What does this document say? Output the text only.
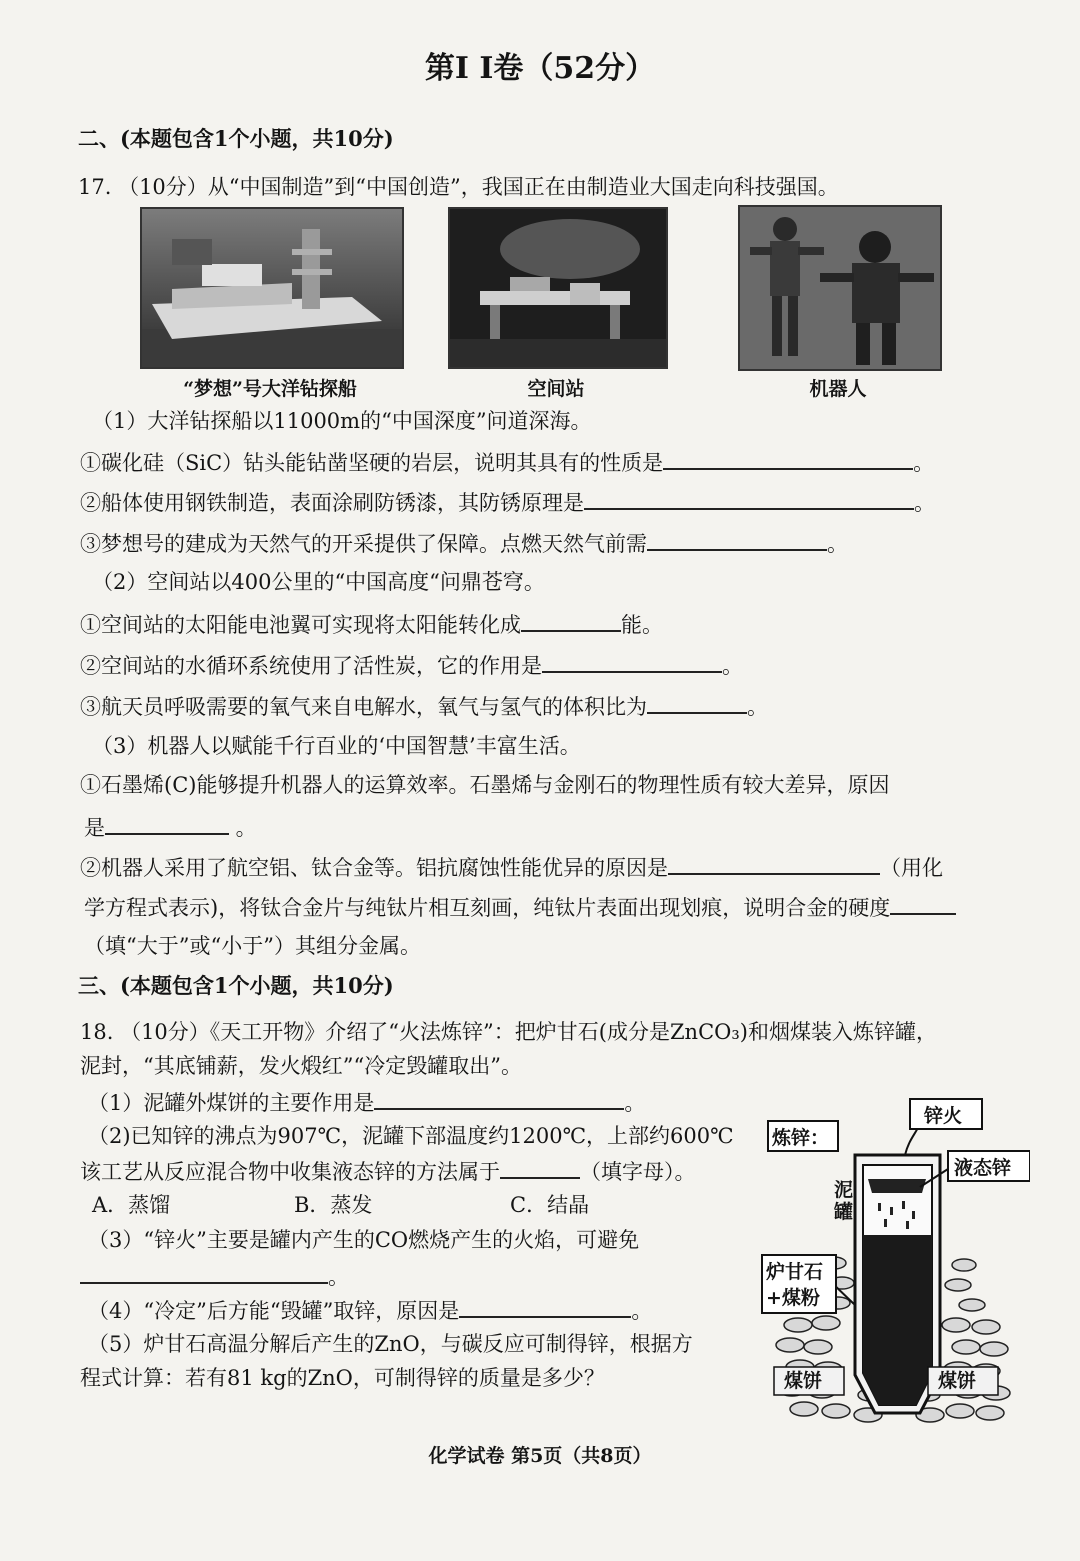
第Ⅰ Ⅰ卷（52分）
二、(本题包含1个小题，共10分)
17. （10分）从“中国制造”到“中国创造”，我国正在由制造业大国走向科技强国。
“梦想”号大洋钻探船	空间站	机器人
（1）大洋钻探船以11000m的“中国深度”问道深海。
①碳化硅（SiC）钻头能钻凿坚硬的岩层，说明其具有的性质是	。
②船体使用钢铁制造，表面涂刷防锈漆，其防锈原理是	。
③梦想号的建成为天然气的开采提供了保障。点燃天然气前需	。
（2）空间站以400公里的“中国高度“问鼎苍穹。
①空间站的太阳能电池翼可实现将太阳能转化成	能。
②空间站的水循环系统使用了活性炭，它的作用是	。
③航天员呼吸需要的氧气来自电解水，氧气与氢气的体积比为	。
（3）机器人以赋能千行百业的‘中国智慧’丰富生活。
①石墨烯(C)能够提升机器人的运算效率。石墨烯与金刚石的物理性质有较大差异，原因
是	。
②机器人采用了航空铝、钛合金等。铝抗腐蚀性能优异的原因是	（用化
学方程式表示)，将钛合金片与纯钛片相互刻画，纯钛片表面出现划痕，说明合金的硬度
（填“大于”或“小于”）其组分金属。
三、(本题包含1个小题，共10分)
18. （10分）《天工开物》介绍了“火法炼锌”：把炉甘石(成分是ZnCO₃)和烟煤装入炼锌罐，
泥封，“其底铺薪，发火煅红”“冷定毁罐取出”。
（1）泥罐外煤饼的主要作用是	。
（2)已知锌的沸点为907℃，泥罐下部温度约1200℃，上部约600℃
该工艺从反应混合物中收集液态锌的方法属于	（填字母）。
A．蒸馏	B．蒸发	C．结晶
（3）“锌火”主要是罐内产生的CO燃烧产生的火焰，可避免
。
（4）“冷定”后方能“毁罐”取锌，原因是	。
（5）炉甘石高温分解后产生的ZnO，与碳反应可制得锌，根据方
程式计算：若有81 kg的ZnO，可制得锌的质量是多少？
炼锌：
锌火
液态锌
泥罐
炉甘石
+煤粉
煤饼	煤饼
化学试卷 第5页（共8页）
